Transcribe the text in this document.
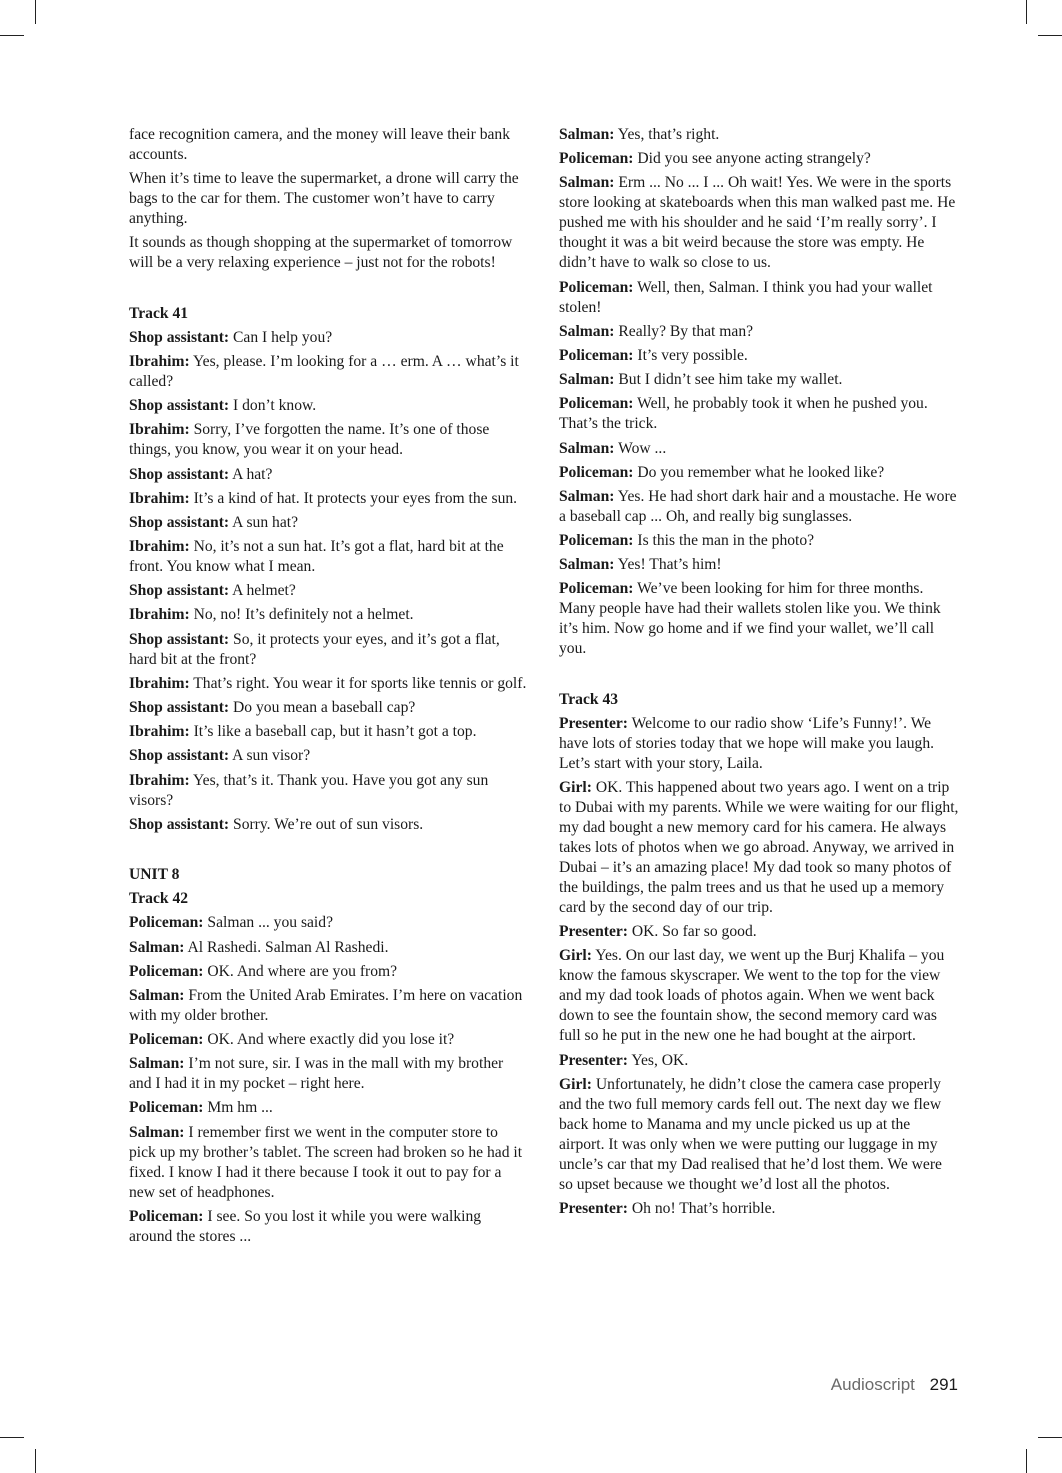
face recognition camera, and the money will leave their bank accounts.

When it’s time to leave the supermarket, a drone will carry the bags to the car for them. The customer won’t have to carry anything.

It sounds as though shopping at the supermarket of tomorrow will be a very relaxing experience – just not for the robots!

Track 41

Shop assistant: Can I help you?

Ibrahim: Yes, please. I’m looking for a … erm. A … what’s it called?

Shop assistant: I don’t know.

Ibrahim: Sorry, I’ve forgotten the name. It’s one of those things, you know, you wear it on your head.

Shop assistant: A hat?

Ibrahim: It’s a kind of hat. It protects your eyes from the sun.

Shop assistant: A sun hat?

Ibrahim: No, it’s not a sun hat. It’s got a flat, hard bit at the front. You know what I mean.

Shop assistant: A helmet?

Ibrahim: No, no! It’s definitely not a helmet.

Shop assistant: So, it protects your eyes, and it’s got a flat, hard bit at the front?

Ibrahim: That’s right. You wear it for sports like tennis or golf.

Shop assistant: Do you mean a baseball cap?

Ibrahim: It’s like a baseball cap, but it hasn’t got a top.

Shop assistant: A sun visor?

Ibrahim: Yes, that’s it. Thank you. Have you got any sun visors?

Shop assistant: Sorry. We’re out of sun visors.

UNIT 8
Track 42

Policeman: Salman ... you said?

Salman: Al Rashedi. Salman Al Rashedi.

Policeman: OK. And where are you from?

Salman: From the United Arab Emirates. I’m here on vacation with my older brother.

Policeman: OK. And where exactly did you lose it?

Salman: I’m not sure, sir. I was in the mall with my brother and I had it in my pocket – right here.

Policeman: Mm hm ...

Salman: I remember first we went in the computer store to pick up my brother’s tablet. The screen had broken so he had it fixed. I know I had it there because I took it out to pay for a new set of headphones.

Policeman: I see. So you lost it while you were walking around the stores ...

Salman: Yes, that’s right.

Policeman: Did you see anyone acting strangely?

Salman: Erm ... No ... I ... Oh wait! Yes. We were in the sports store looking at skateboards when this man walked past me. He pushed me with his shoulder and he said ‘I’m really sorry’. I thought it was a bit weird because the store was empty. He didn’t have to walk so close to us.

Policeman: Well, then, Salman. I think you had your wallet stolen!

Salman: Really? By that man?

Policeman: It’s very possible.

Salman: But I didn’t see him take my wallet.

Policeman: Well, he probably took it when he pushed you. That’s the trick.

Salman: Wow ...

Policeman: Do you remember what he looked like?

Salman: Yes. He had short dark hair and a moustache. He wore a baseball cap ... Oh, and really big sunglasses.

Policeman: Is this the man in the photo?

Salman: Yes! That’s him!

Policeman: We’ve been looking for him for three months. Many people have had their wallets stolen like you. We think it’s him. Now go home and if we find your wallet, we’ll call you.

Track 43

Presenter: Welcome to our radio show ‘Life’s Funny!’. We have lots of stories today that we hope will make you laugh. Let’s start with your story, Laila.

Girl: OK. This happened about two years ago. I went on a trip to Dubai with my parents. While we were waiting for our flight, my dad bought a new memory card for his camera. He always takes lots of photos when we go abroad. Anyway, we arrived in Dubai – it’s an amazing place! My dad took so many photos of the buildings, the palm trees and us that he used up a memory card by the second day of our trip.

Presenter: OK. So far so good.

Girl: Yes. On our last day, we went up the Burj Khalifa – you know the famous skyscraper. We went to the top for the view and my dad took loads of photos again. When we went back down to see the fountain show, the second memory card was full so he put in the new one he had bought at the airport.

Presenter: Yes, OK.

Girl: Unfortunately, he didn’t close the camera case properly and the two full memory cards fell out. The next day we flew back home to Manama and my uncle picked us up at the airport. It was only when we were putting our luggage in my uncle’s car that my Dad realised that he’d lost them. We were so upset because we thought we’d lost all the photos.

Presenter: Oh no! That’s horrible.

Audioscript 291
